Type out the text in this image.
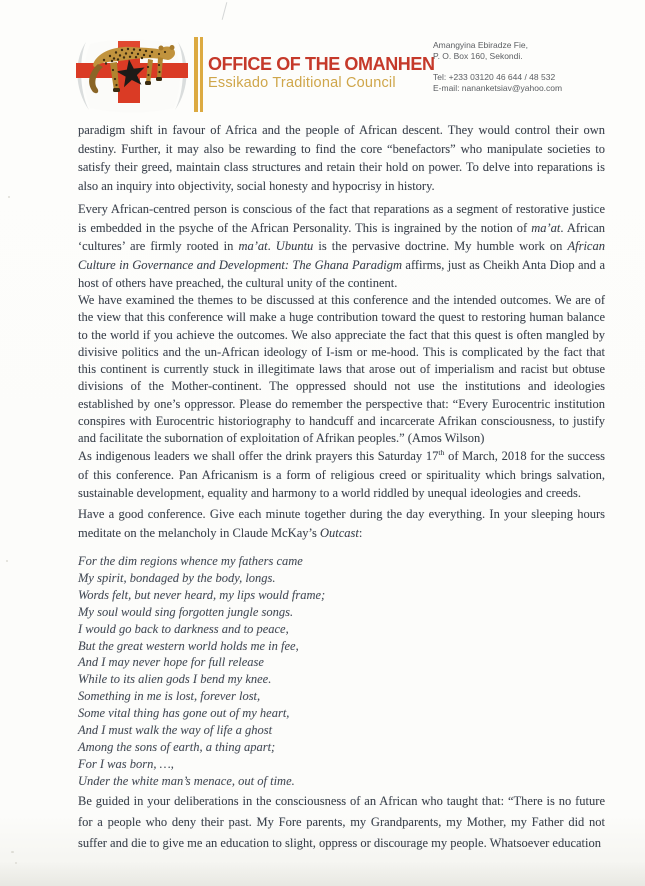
OFFICE OF THE OMANHEN
Essikado Traditional Council
Amangyina Ebiradze Fie,
P. O. Box 160, Sekondi.
Tel: +233 03120 46 644 / 48 532
E-mail: nananketsiav@yahoo.com
paradigm shift in favour of Africa and the people of African descent. They would control their own destiny. Further, it may also be rewarding to find the core “benefactors” who manipulate societies to satisfy their greed, maintain class structures and retain their hold on power. To delve into reparations is also an inquiry into objectivity, social honesty and hypocrisy in history.
Every African-centred person is conscious of the fact that reparations as a segment of restorative justice is embedded in the psyche of the African Personality. This is ingrained by the notion of ma’at. African ‘cultures’ are firmly rooted in ma’at. Ubuntu is the pervasive doctrine. My humble work on African Culture in Governance and Development: The Ghana Paradigm affirms, just as Cheikh Anta Diop and a host of others have preached, the cultural unity of the continent.
We have examined the themes to be discussed at this conference and the intended outcomes. We are of the view that this conference will make a huge contribution toward the quest to restoring human balance to the world if you achieve the outcomes. We also appreciate the fact that this quest is often mangled by divisive politics and the un-African ideology of I-ism or me-hood. This is complicated by the fact that this continent is currently stuck in illegitimate laws that arose out of imperialism and racist but obtuse divisions of the Mother-continent. The oppressed should not use the institutions and ideologies established by one’s oppressor. Please do remember the perspective that: “Every Eurocentric institution conspires with Eurocentric historiography to handcuff and incarcerate Afrikan consciousness, to justify and facilitate the subornation of exploitation of Afrikan peoples.” (Amos Wilson)
As indigenous leaders we shall offer the drink prayers this Saturday 17th of March, 2018 for the success of this conference. Pan Africanism is a form of religious creed or spirituality which brings salvation, sustainable development, equality and harmony to a world riddled by unequal ideologies and creeds.
Have a good conference. Give each minute together during the day everything. In your sleeping hours meditate on the melancholy in Claude McKay’s Outcast:
For the dim regions whence my fathers came
My spirit, bondaged by the body, longs.
Words felt, but never heard, my lips would frame;
My soul would sing forgotten jungle songs.
I would go back to darkness and to peace,
But the great western world holds me in fee,
And I may never hope for full release
While to its alien gods I bend my knee.
Something in me is lost, forever lost,
Some vital thing has gone out of my heart,
And I must walk the way of life a ghost
Among the sons of earth, a thing apart;
For I was born, …,
Under the white man’s menace, out of time.
Be guided in your deliberations in the consciousness of an African who taught that: “There is no future for a people who deny their past. My Fore parents, my Grandparents, my Mother, my Father did not suffer and die to give me an education to slight, oppress or discourage my people. Whatsoever education
